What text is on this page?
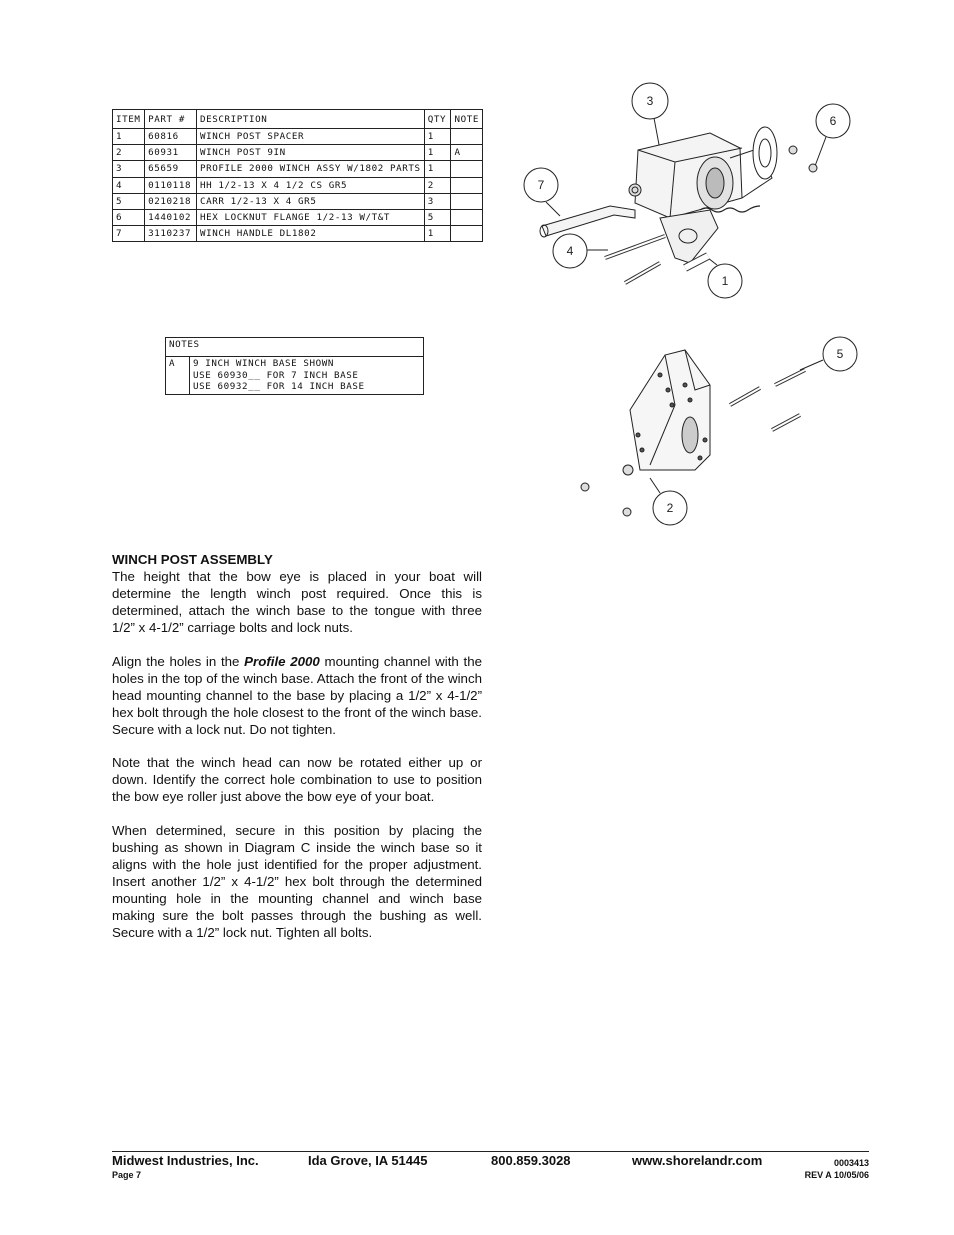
ITEM	PART #	DESCRIPTION	QTY	NOTE
1	60816	WINCH POST SPACER	1	
2	60931	WINCH POST 9IN	1	A
3	65659	PROFILE 2000 WINCH ASSY W/1802 PARTS	1	
4	0110118	HH 1/2-13 X 4 1/2 CS GR5	2	
5	0210218	CARR 1/2-13 X 4 GR5	3	
6	1440102	HEX LOCKNUT FLANGE 1/2-13 W/T&T	5	
7	3110237	WINCH HANDLE DL1802	1	
NOTES
A	9 INCH WINCH BASE SHOWN
USE 60930__ FOR 7 INCH BASE
USE 60932__ FOR 14 INCH BASE
3
6
7
4
1
5
2
WINCH POST ASSEMBLY

The height that the bow eye is placed in your boat will determine the length winch post required. Once this is determined, attach the winch base to the tongue with three 1/2” x 4-1/2” carriage bolts and lock nuts.

Align the holes in the Profile 2000 mounting channel with the holes in the top of the winch base. Attach the front of the winch head mounting channel to the base by placing a 1/2” x 4-1/2” hex bolt through the hole closest to the front of the winch base. Secure with a lock nut. Do not tighten.

Note that the winch head can now be rotated either up or down. Identify the correct hole combination to use to position the bow eye roller just above the bow eye of your boat.

When determined, secure in this position by placing the bushing as shown in Diagram C inside the winch base so it aligns with the hole just identified for the proper adjustment. Insert another 1/2” x 4-1/2” hex bolt through the determined mounting hole in the mounting channel and winch base making sure the bolt passes through the bushing as well. Secure with a 1/2” lock nut. Tighten all bolts.

Midwest Industries, Inc.	Ida Grove, IA 51445	800.859.3028	www.shorelandr.com
Page 7
0003413
REV A 10/05/06
